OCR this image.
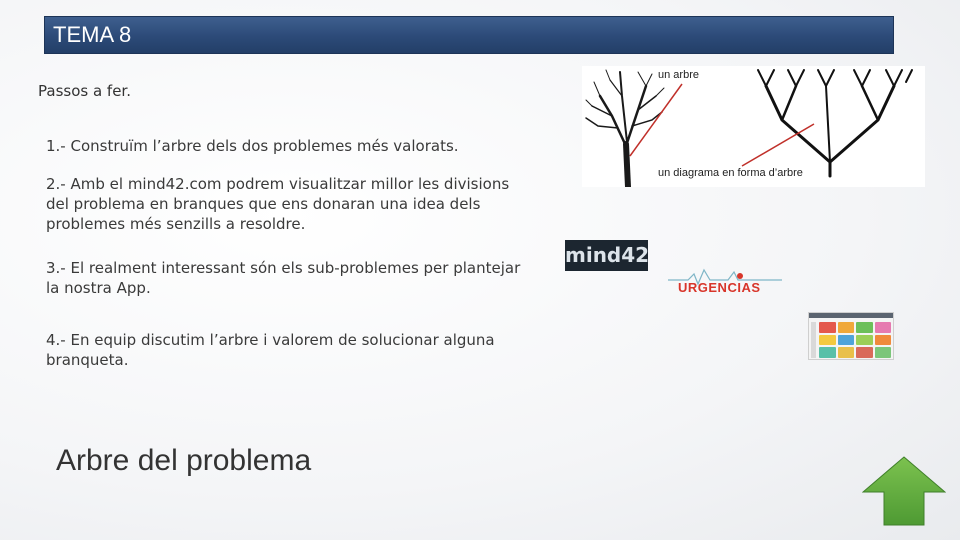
TEMA 8
Passos a fer.
1.- Construïm l’arbre dels dos problemes més valorats.
2.- Amb el mind42.com podrem visualitzar millor les divisions del problema en branques que ens donaran una idea dels problemes més senzills a resoldre.
3.- El realment interessant són els sub-problemes per plantejar la nostra App.
4.- En equip discutim l’arbre i valorem de solucionar alguna branqueta.
Arbre del problema
un arbre
un diagrama en forma d’arbre
mind42
URGENCIAS
